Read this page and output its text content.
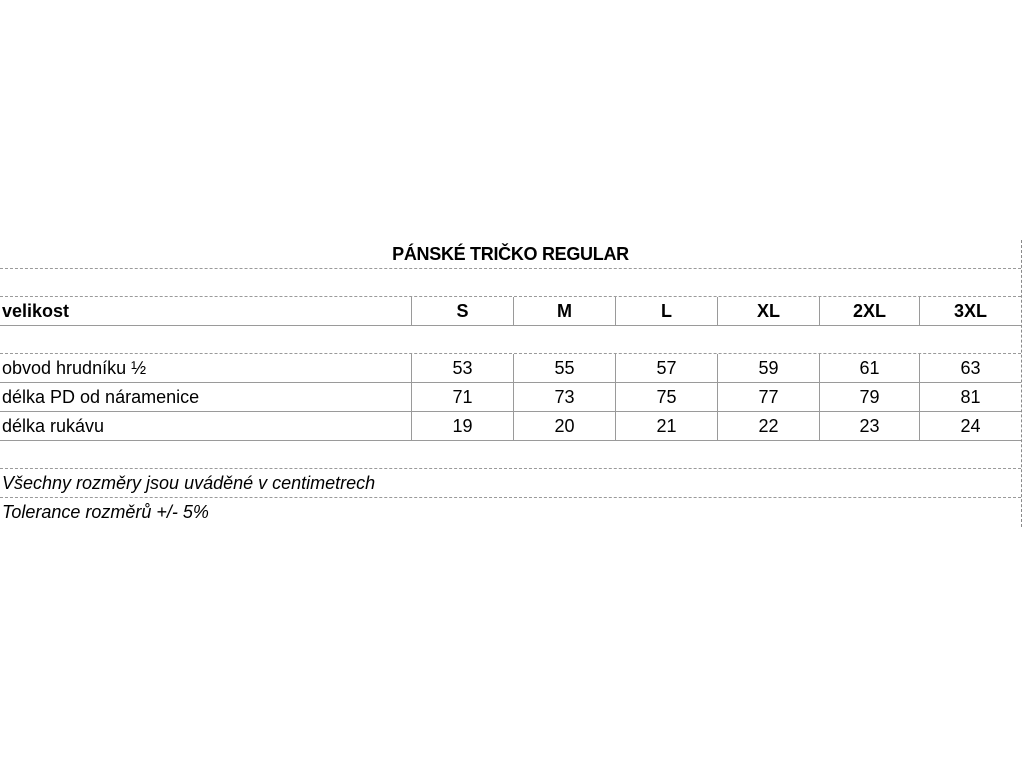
PÁNSKÉ TRIČKO REGULAR
velikost	S	M	L	XL	2XL	3XL
obvod hrudníku ½	53	55	57	59	61	63
délka PD od náramenice	71	73	75	77	79	81
délka rukávu	19	20	21	22	23	24
Všechny rozměry jsou uváděné v centimetrech
Tolerance rozměrů +/- 5%
